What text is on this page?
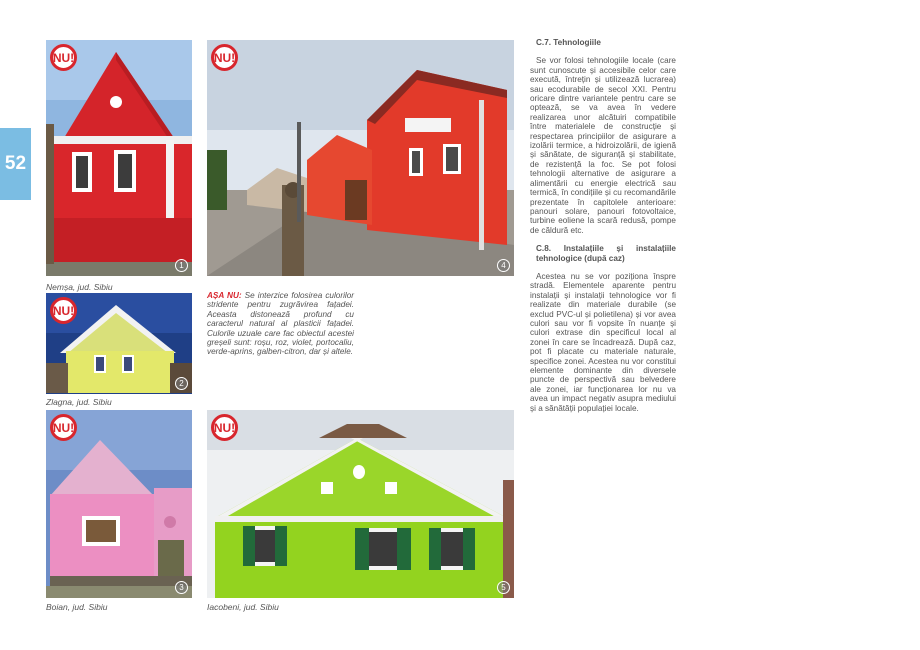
52
NU!
1
Nemșa, jud. Sibiu
NU!
4
NU!
2
Zlagna, jud. Sibiu
AȘA NU: Se interzice folosirea culorilor stridente pentru zugrăvirea fațadei. Aceasta distonează profund cu caracterul natural al plasticii fațadei. Culorile uzuale care fac obiectul acestei greșeli sunt: roșu, roz, violet, portocaliu, verde-aprins, galben-citron, dar și altele.
NU!
3
Boian, jud. Sibiu
NU!
5
Iacobeni, jud. Sibiu
C.7. Tehnologiile

Se vor folosi tehnologiile locale (care sunt cunoscute și accesibile celor care execută, întrețin și utilizează lucrarea) sau ecodurabile de secol XXI. Pentru oricare dintre variantele pentru care se optează, se va avea în vedere realizarea unor alcătuiri compatibile între materialele de construcție și respectarea principiilor de asigurare a izolării termice, a hidroizolării, de igienă și sănătate, de siguranță și stabilitate, de rezistență la foc. Se pot folosi tehnologii alternative de asigurare a alimentării cu energie electrică sau termică, în condițiile și cu recomandările prezentate în capitolele anterioare: panouri solare, panouri fotovoltaice, turbine eoliene la scară redusă, pompe de căldură etc.

C.8. Instalațiile și instalațiile tehnologice (după caz)

Acestea nu se vor poziționa înspre stradă. Elementele aparente pentru instalații și instalații tehnologice vor fi realizate din materiale durabile (se exclud PVC-ul și polietilena) și vor avea culori sau vor fi vopsite în nuanțe și culori extrase din specificul local al zonei în care se încadrează. După caz, pot fi placate cu materiale naturale, specifice zonei. Acestea nu vor constitui elemente dominante din diversele puncte de perspectivă sau belvedere ale zonei, iar funcționarea lor nu va avea un impact negativ asupra mediului și a sănătății populației locale.
